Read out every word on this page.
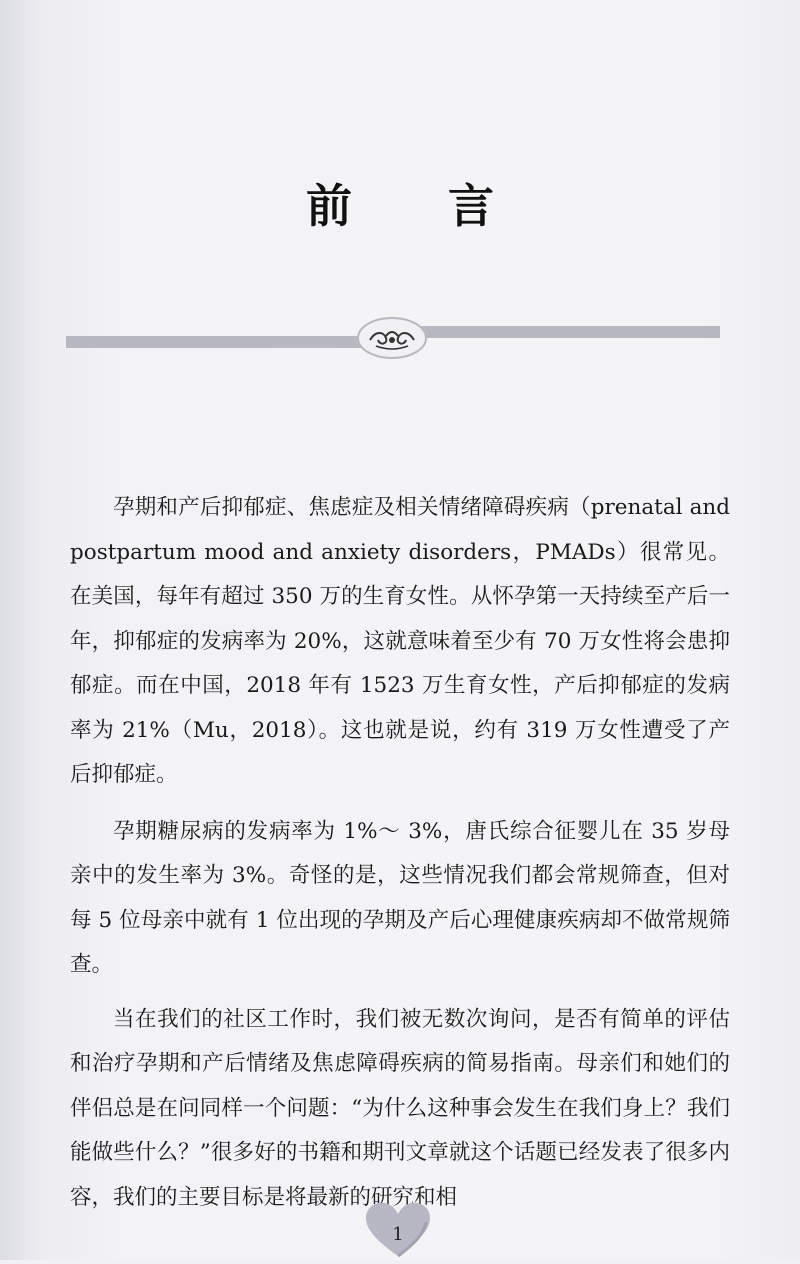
前 言

孕期和产后抑郁症、焦虑症及相关情绪障碍疾病（prenatal and postpartum mood and anxiety disorders，PMADs）很常见。在美国，每年有超过 350 万的生育女性。从怀孕第一天持续至产后一年，抑郁症的发病率为 20%，这就意味着至少有 70 万女性将会患抑郁症。而在中国，2018 年有 1523 万生育女性，产后抑郁症的发病率为 21%（Mu，2018）。这也就是说，约有 319 万女性遭受了产后抑郁症。

孕期糖尿病的发病率为 1%～ 3%，唐氏综合征婴儿在 35 岁母亲中的发生率为 3%。奇怪的是，这些情况我们都会常规筛查，但对每 5 位母亲中就有 1 位出现的孕期及产后心理健康疾病却不做常规筛查。

当在我们的社区工作时，我们被无数次询问，是否有简单的评估和治疗孕期和产后情绪及焦虑障碍疾病的简易指南。母亲们和她们的伴侣总是在问同样一个问题：“为什么这种事会发生在我们身上？我们能做些什么？”很多好的书籍和期刊文章就这个话题已经发表了很多内容，我们的主要目标是将最新的研究和相

1
